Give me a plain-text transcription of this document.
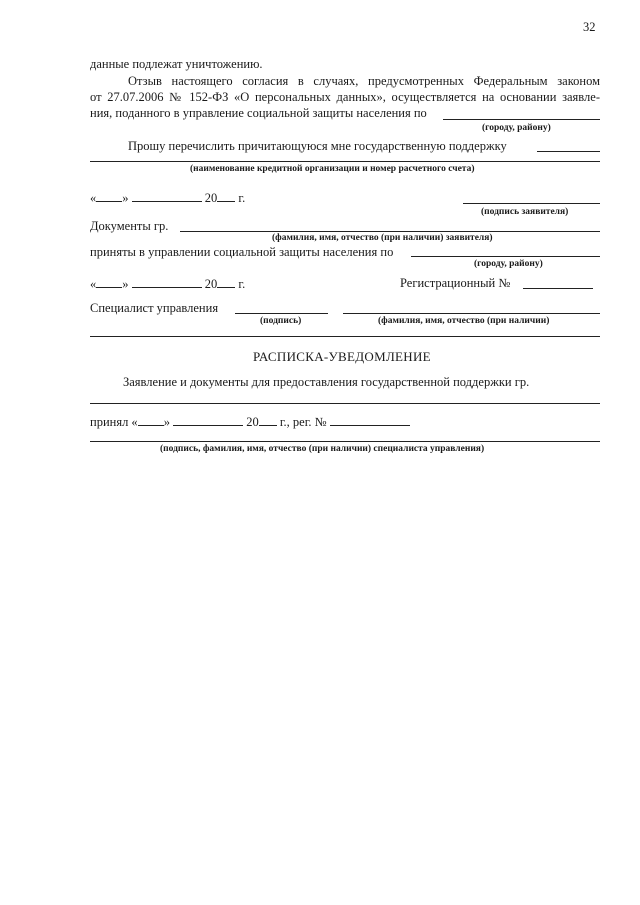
32
данные подлежат уничтожению.
Отзыв настоящего согласия в случаях, предусмотренных Федеральным законом
от 27.07.2006 № 152-ФЗ «О персональных данных», осуществляется на основании заявле-
ния, поданного в управление социальной защиты населения по
(городу, району)
Прошу перечислить причитающуюся мне государственную поддержку
(наименование кредитной организации и номер расчетного счета)
« »	20 г.
(подпись заявителя)
Документы гр.
(фамилия, имя, отчество (при наличии) заявителя)
приняты в управлении социальной защиты населения по
(городу, району)
« »	20 г.	Регистрационный №
Специалист управления
(подпись)	(фамилия, имя, отчество (при наличии)
РАСПИСКА-УВЕДОМЛЕНИЕ
Заявление и документы для предоставления государственной поддержки гр.
принял « »	20 г., рег. №
(подпись, фамилия, имя, отчество (при наличии) специалиста управления)
